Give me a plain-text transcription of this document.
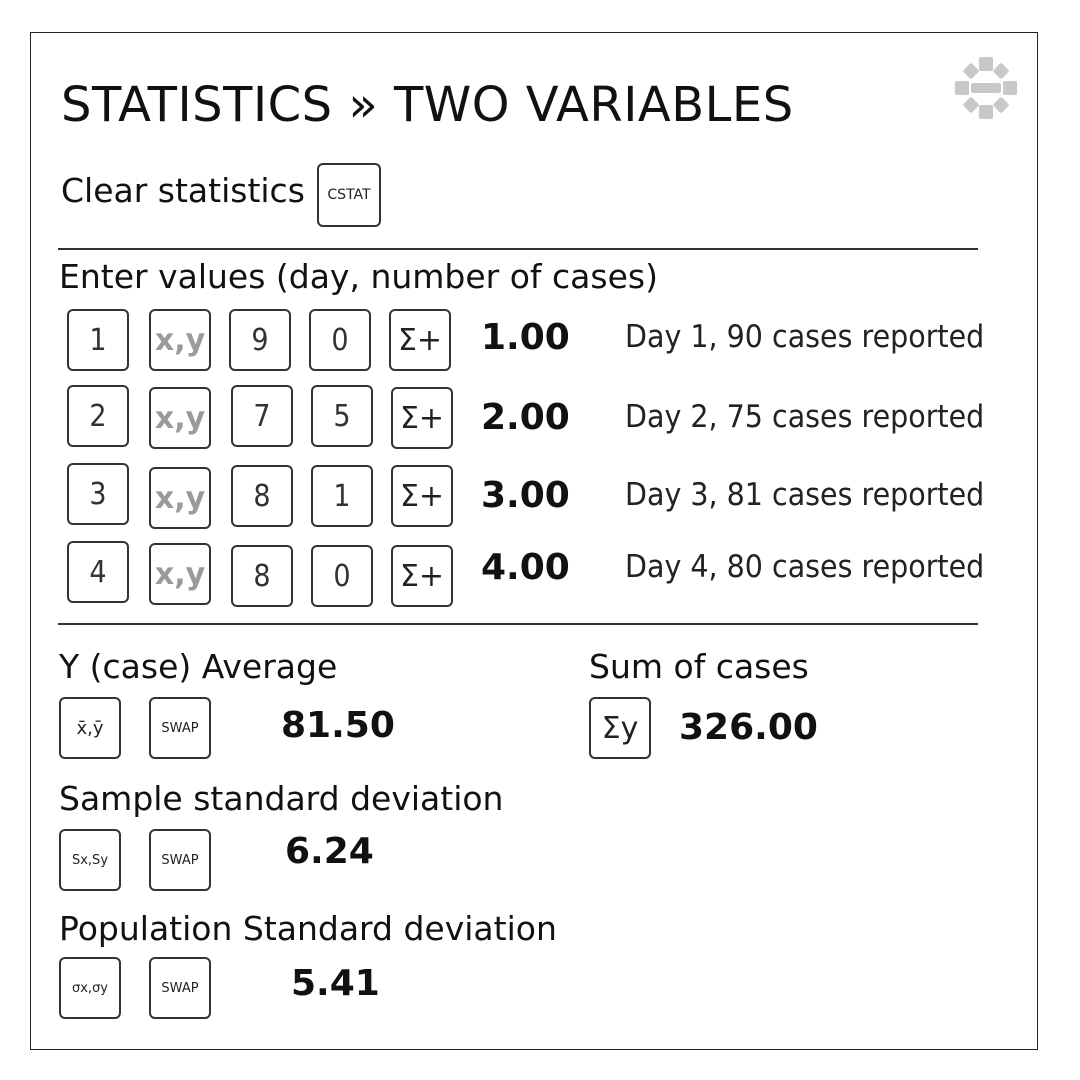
STATISTICS » TWO VARIABLES
Clear statistics	CSTAT
Enter values (day, number of cases)
1	x,y	9	0	Σ+ 1.00 Day 1, 90 cases reported
2	x,y	7	5	Σ+ 2.00 Day 2, 75 cases reported
3	x,y	8	1	Σ+ 3.00 Day 3, 81 cases reported
4	x,y	8	0	Σ+ 4.00 Day 4, 80 cases reported
Y (case) Average
x̄,ȳ	SWAP	81.50
Sum of cases
Σy	326.00
Sample standard deviation
Sx,Sy	SWAP	6.24
Population Standard deviation
σx,σy	SWAP	5.41
